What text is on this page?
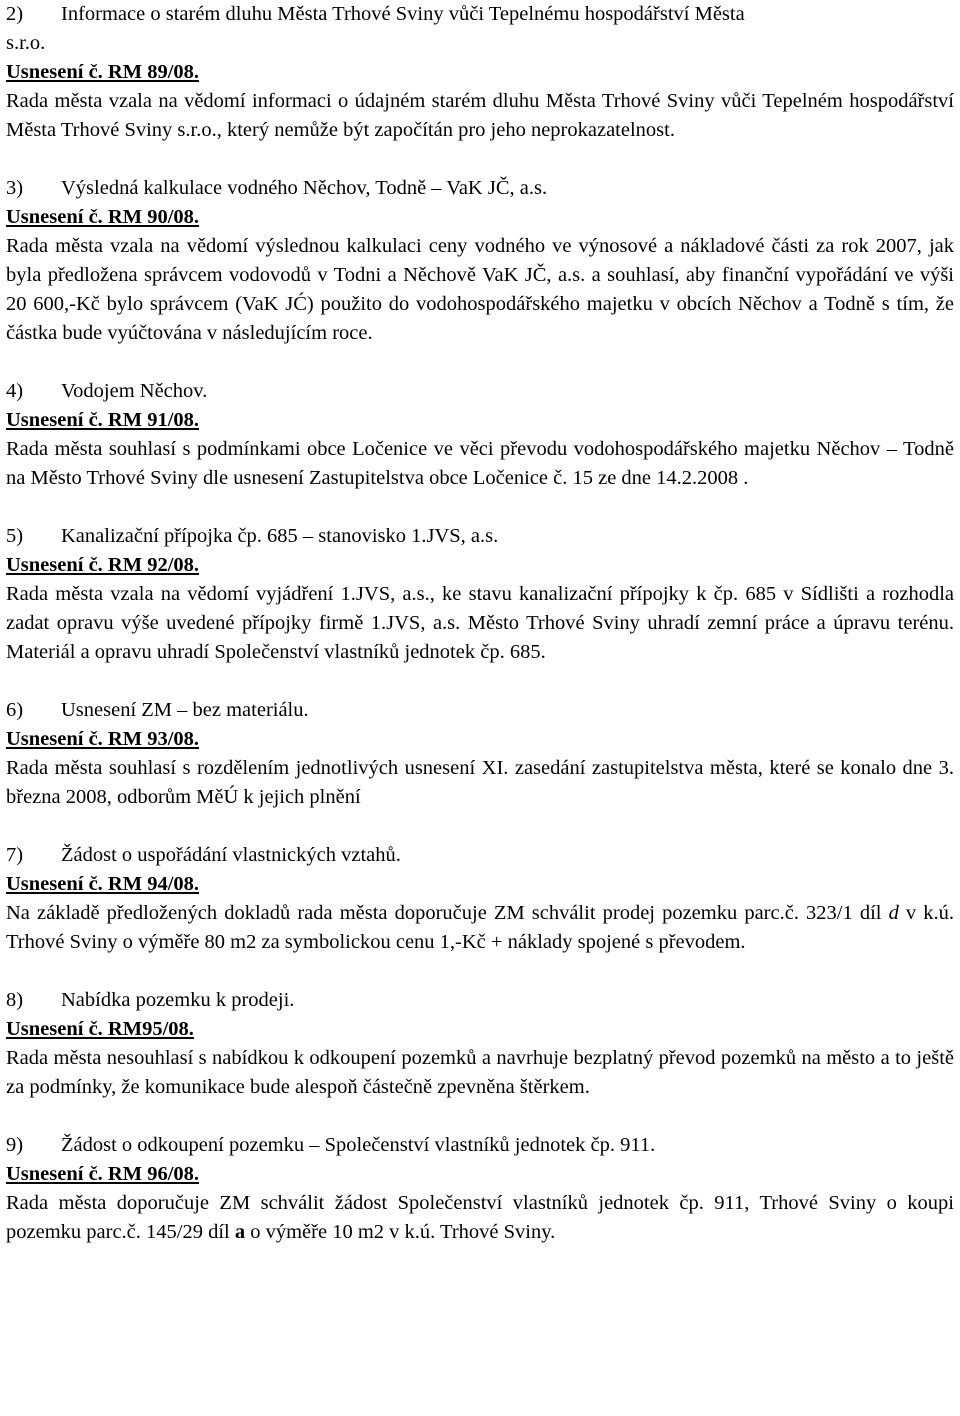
2)	Informace o starém dluhu Města Trhové Sviny vůči Tepelnému hospodářství Města
s.r.o.
Usnesení č. RM 89/08.
Rada města vzala na vědomí informaci o údajném starém dluhu Města Trhové Sviny vůči Tepelném hospodářství Města Trhové Sviny s.r.o., který nemůže být započítán pro jeho neprokazatelnost.
3)	Výsledná kalkulace vodného Něchov, Todně – VaK JČ, a.s.
Usnesení č. RM 90/08.
Rada města vzala na vědomí výslednou kalkulaci ceny vodného ve výnosové a nákladové části za rok 2007, jak byla předložena správcem vodovodů v Todni a Něchově VaK JČ, a.s. a souhlasí, aby finanční vypořádání ve výši 20 600,-Kč bylo správcem (VaK JĆ) použito do vodohospodářského majetku v obcích Něchov a Todně s tím, že částka bude vyúčtována v následujícím roce.
4)	Vodojem Něchov.
Usnesení č. RM 91/08.
Rada města souhlasí s podmínkami obce Ločenice ve věci převodu vodohospodářského majetku Něchov – Todně na Město Trhové Sviny dle usnesení Zastupitelstva obce Ločenice č. 15 ze dne 14.2.2008 .
5)	Kanalizační přípojka čp. 685 – stanovisko 1.JVS, a.s.
Usnesení č. RM 92/08.
Rada města vzala na vědomí vyjádření 1.JVS, a.s., ke stavu kanalizační přípojky k čp. 685 v Sídlišti a rozhodla zadat opravu výše uvedené přípojky firmě 1.JVS, a.s. Město Trhové Sviny uhradí zemní práce a úpravu terénu. Materiál a opravu uhradí Společenství vlastníků jednotek čp. 685.
6)	Usnesení ZM – bez materiálu.
Usnesení č. RM 93/08.
Rada města souhlasí s rozdělením jednotlivých usnesení XI. zasedání zastupitelstva města, které se konalo dne 3. března 2008, odborům MěÚ k jejich plnění
7)	Žádost o uspořádání vlastnických vztahů.
Usnesení č. RM 94/08.
Na základě předložených dokladů rada města doporučuje ZM schválit prodej pozemku parc.č. 323/1 díl d v k.ú. Trhové Sviny o výměře 80 m2 za symbolickou cenu 1,-Kč + náklady spojené s převodem.
8)	Nabídka pozemku k prodeji.
Usnesení č. RM95/08.
Rada města nesouhlasí s nabídkou k odkoupení pozemků a navrhuje bezplatný převod pozemků na město a to ještě za podmínky, že komunikace bude alespoň částečně zpevněna štěrkem.
9)	Žádost o odkoupení pozemku – Společenství vlastníků jednotek čp. 911.
Usnesení č. RM 96/08.
Rada města doporučuje ZM schválit žádost Společenství vlastníků jednotek čp. 911, Trhové Sviny o koupi pozemku parc.č. 145/29 díl a o výměře 10 m2 v k.ú. Trhové Sviny.
